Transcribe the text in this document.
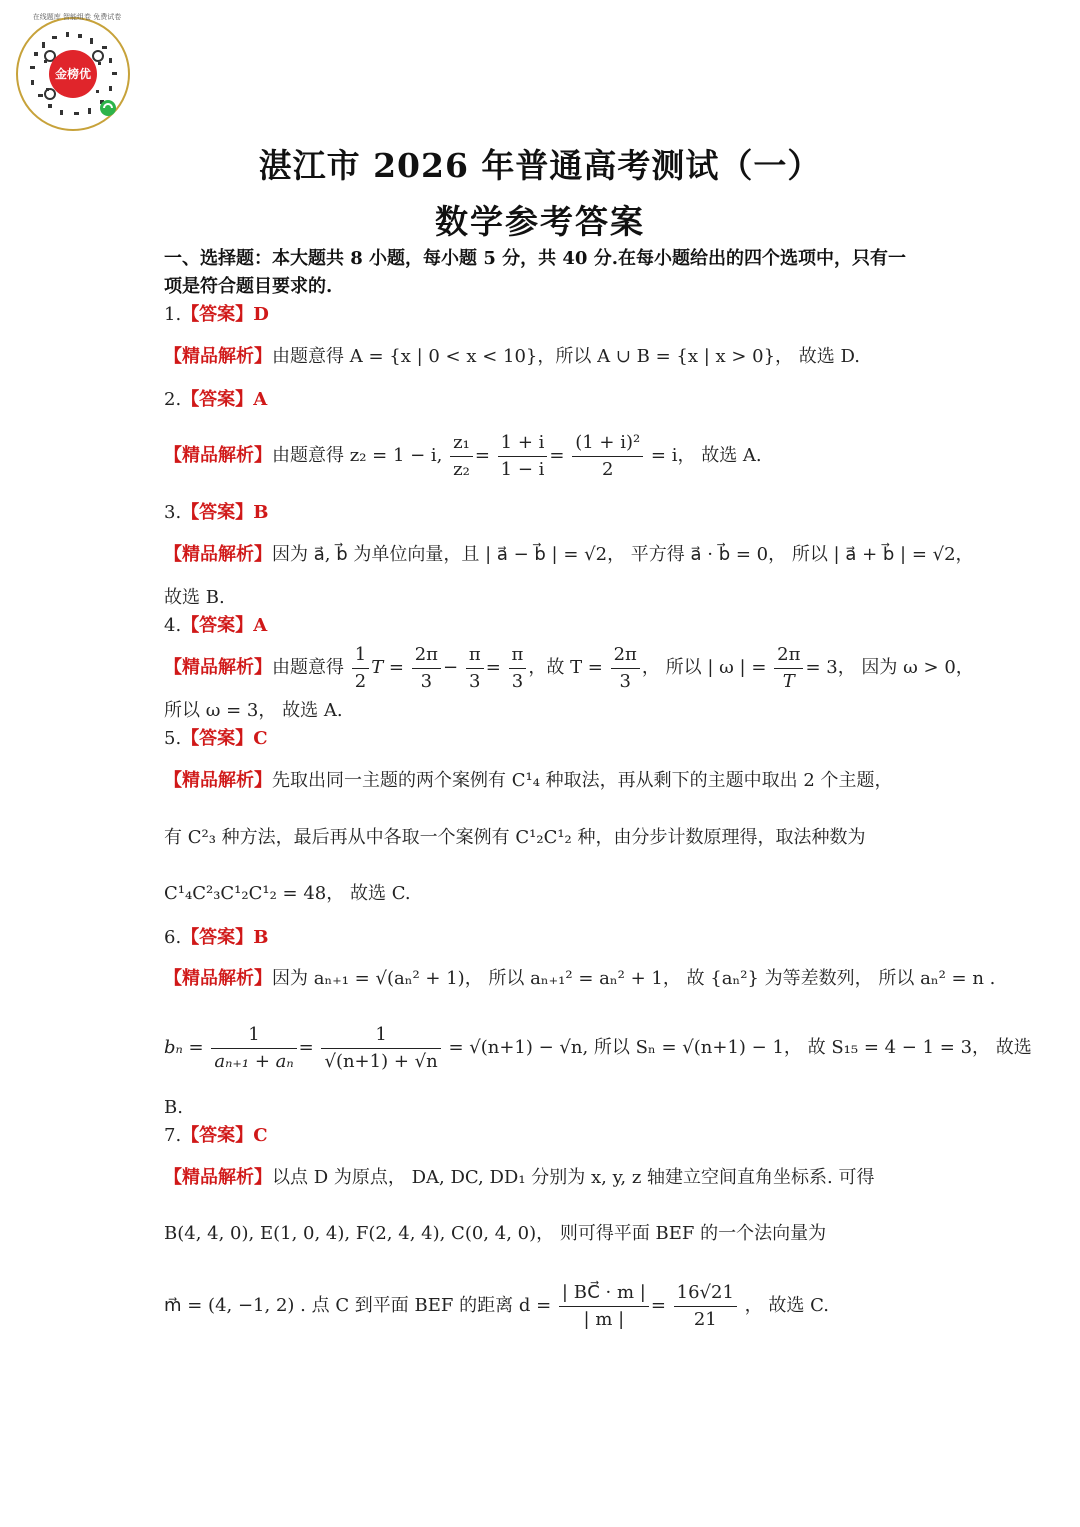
金榜优
在线题库 智能组卷 免费试卷
湛江市 2026 年普通高考测试（一）
数学参考答案
一、选择题：本大题共 8 小题，每小题 5 分，共 40 分.在每小题给出的四个选项中，只有一
项是符合题目要求的.
1.【答案】D
【精品解析】由题意得 A = {x | 0 < x < 10}，所以 A ∪ B = {x | x > 0}， 故选 D.
2.【答案】A
【精品解析】由题意得 z₂ = 1 − i, $\frac{\text{z₁}}{\text{z₂}} = \frac{1 + i}{1 - i} = \frac{\text{(1 + i)²}}{2} = i$， 故选 A.
3.【答案】B
【精品解析】因为 a⃗, b⃗ 为单位向量，且 | a⃗ − b⃗ | = √2， 平方得 a⃗ · b⃗ = 0， 所以 | a⃗ + b⃗ | = √2，
故选 B.
4.【答案】A
【精品解析】由题意得 $\frac{1}{2}$ $T = \frac{2\pi}{3} - \frac{\pi}{3} = \frac{\pi}{3}$ ，故 $T = \frac{2\pi}{3}$ ， 所以 | ω | = $\frac{2\pi}{T} = 3$， 因为 ω > 0，
所以 ω = 3， 故选 A.
5.【答案】C
【精品解析】先取出同一主题的两个案例有 C¹₄ 种取法，再从剩下的主题中取出 2 个主题，
有 C²₃ 种方法，最后再从中各取一个案例有 C¹₂C¹₂ 种，由分步计数原理得，取法种数为
C¹₄C²₃C¹₂C¹₂ = 48， 故选 C.
6.【答案】B
【精品解析】因为 aₙ₊₁ = √(aₙ² + 1)， 所以 aₙ₊₁² = aₙ² + 1， 故 {aₙ²} 为等差数列， 所以 aₙ² = n .
$b_n = \frac{1}{\text{aₙ₊₁ + aₙ}} = \frac{1}{√(n+1) + √n} = √(n+1) - √n$, 所以 Sₙ = √(n+1) − 1， 故 S₁₅ = 4 − 1 = 3， 故选
B.
7.【答案】C
【精品解析】以点 D 为原点， DA, DC, DD₁ 分别为 x, y, z 轴建立空间直角坐标系. 可得
B(4, 4, 0), E(1, 0, 4), F(2, 4, 4), C(0, 4, 0)， 则可得平面 BEF 的一个法向量为
m⃗ = (4, −1, 2) . 点 C 到平面 BEF 的距离 $d = \frac{| BC⃗ \cdot m |}{| m |} = \frac{16√21}{21}$ ， 故选 C.
